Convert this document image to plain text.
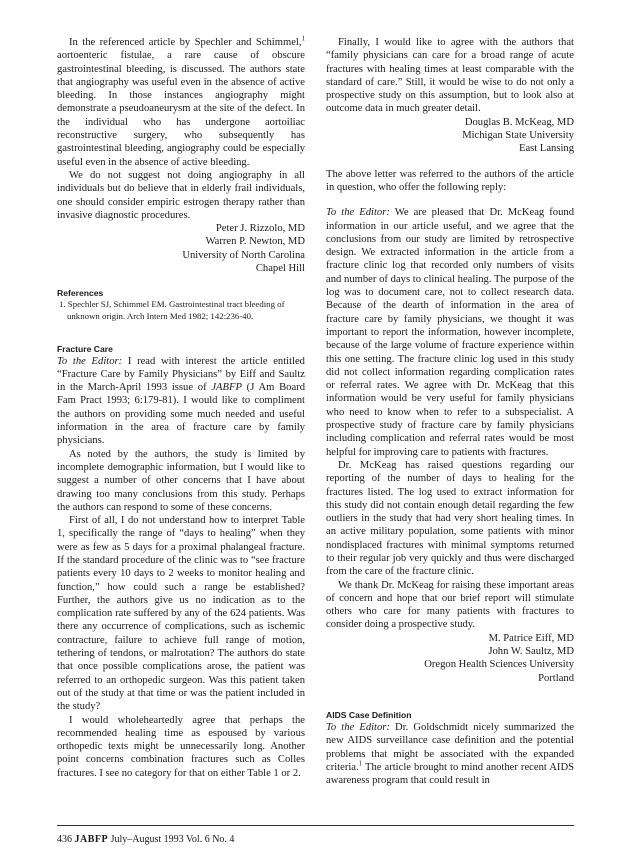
In the referenced article by Spechler and Schimmel,$^1$ aortoenteric fistulae, a rare cause of obscure gastrointestinal bleeding, is discussed. The authors state that angiography was useful even in the absence of active bleeding. In those instances angiography might demonstrate a pseudoaneurysm at the site of the defect. In the individual who has undergone aortoiliac reconstructive surgery, who subsequently has gastrointestinal bleeding, angiography could be especially useful even in the absence of active bleeding.

We do not suggest not doing angiography in all individuals but do believe that in elderly frail individuals, one should consider empiric estrogen therapy rather than invasive diagnostic procedures.

Peter J. Rizzolo, MD

Warren P. Newton, MD

University of North Carolina

Chapel Hill

References

1. Spechler SJ, Schimmel EM. Gastrointestinal tract bleeding of unknown origin. Arch Intern Med 1982; 142:236-40.

Fracture Care

To the Editor: I read with interest the article entitled “Fracture Care by Family Physicians” by Eiff and Saultz in the March-April 1993 issue of JABFP (J Am Board Fam Pract 1993; 6:179-81). I would like to compliment the authors on providing some much needed and useful information in the area of fracture care by family physicians.

As noted by the authors, the study is limited by incomplete demographic information, but I would like to suggest a number of other concerns that I have about drawing too many conclusions from this study. Perhaps the authors can respond to some of these concerns.

First of all, I do not understand how to interpret Table 1, specifically the range of “days to healing” when they were as few as 5 days for a proximal phalangeal fracture. If the standard procedure of the clinic was to “see fracture patients every 10 days to 2 weeks to monitor healing and function,” how could such a range be established? Further, the authors give us no indication as to the complication rate suffered by any of the 624 patients. Was there any occurrence of complications, such as ischemic contracture, failure to achieve full range of motion, tethering of tendons, or malrotation? The authors do state that once possible complications arose, the patient was referred to an orthopedic surgeon. Was this patient taken out of the study at that time or was the patient included in the study?

I would wholeheartedly agree that perhaps the recommended healing time as espoused by various orthopedic texts might be unnecessarily long. Another point concerns combination fractures such as Colles fractures. I see no category for that on either Table 1 or 2.

Finally, I would like to agree with the authors that “family physicians can care for a broad range of acute fractures with healing times at least comparable with the standard of care.” Still, it would be wise to do not only a prospective study on this assumption, but to look also at outcome data in much greater detail.

Douglas B. McKeag, MD

Michigan State University

East Lansing

The above letter was referred to the authors of the article in question, who offer the following reply:

To the Editor: We are pleased that Dr. McKeag found information in our article useful, and we agree that the conclusions from our study are limited by retrospective design. We extracted information in the article from a fracture clinic log that recorded only numbers of visits and number of days to clinical healing. The purpose of the log was to document care, not to collect research data. Because of the dearth of information in the area of fracture care by family physicians, we thought it was important to report the information, however incomplete, because of the large volume of fracture experience within this one setting. The fracture clinic log used in this study did not collect information regarding complication rates or referral rates. We agree with Dr. McKeag that this information would be very useful for family physicians who need to know when to refer to a subspecialist. A prospective study of fracture care by family physicians including complication and referral rates would be most helpful for improving care to patients with fractures.

Dr. McKeag has raised questions regarding our reporting of the number of days to healing for the fractures listed. The log used to extract information for this study did not contain enough detail regarding the few outliers in the study that had very short healing times. In an active military population, some patients with minor nondisplaced fractures with minimal symptoms returned to their regular job very quickly and thus were discharged from the care of the fracture clinic.

We thank Dr. McKeag for raising these important areas of concern and hope that our brief report will stimulate others who care for many patients with fractures to consider doing a prospective study.

M. Patrice Eiff, MD

John W. Saultz, MD

Oregon Health Sciences University

Portland

AIDS Case Definition

To the Editor: Dr. Goldschmidt nicely summarized the new AIDS surveillance case definition and the potential problems that might be associated with the expanded criteria.$^1$ The article brought to mind another recent AIDS awareness program that could result in

436 JABFP July–August 1993 Vol. 6 No. 4
